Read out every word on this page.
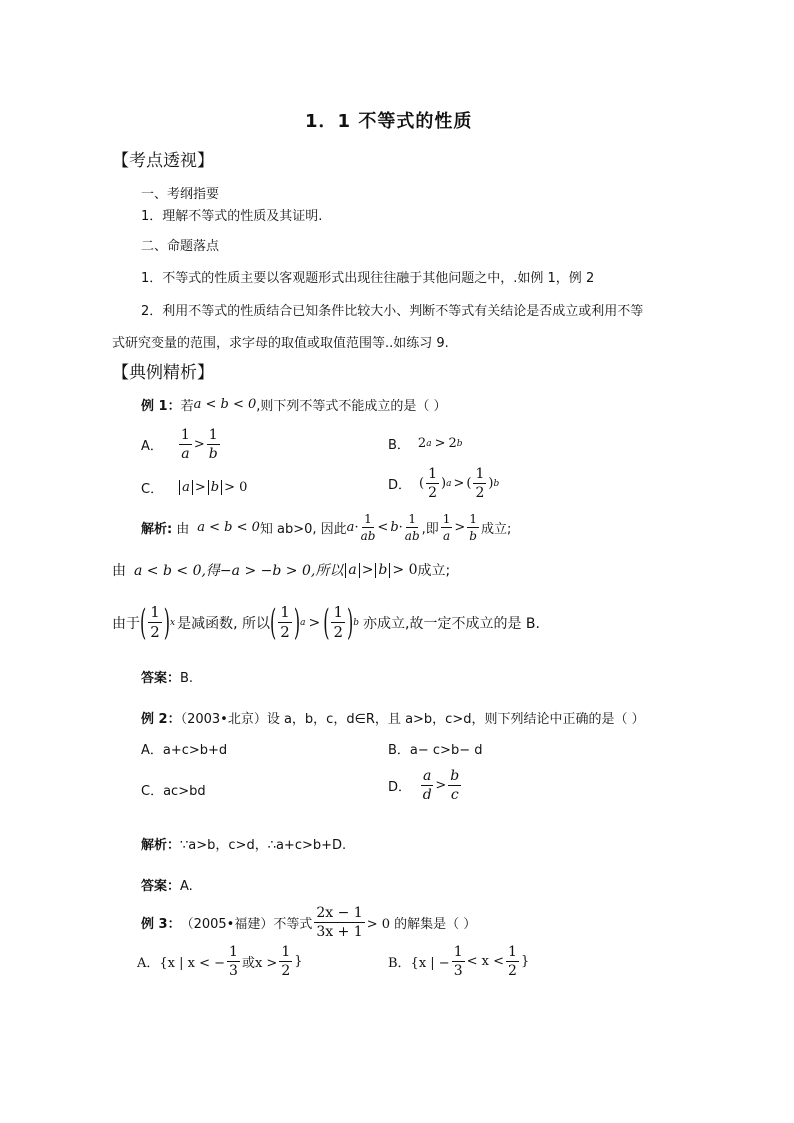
1．1 不等式的性质
【考点透视】
一、考纲指要
1．理解不等式的性质及其证明.
二、命题落点
1．不等式的性质主要以客观题形式出现往往融于其他问题之中，.如例 1，例 2
2．利用不等式的性质结合已知条件比较大小、判断不等式有关结论是否成立或利用不等
式研究变量的范围，求字母的取值或取值范围等..如练习 9.
【典例精析】
例 1： 若 a < b < 0 ,则下列不等式不能成立的是（ ）
A． $\frac{1}{a} > \frac{1}{b}$	B． 2 a > 2 b
C． a > b > 0	D． ( $\frac{1}{2}$ ) a > ( $\frac{1}{2}$ ) b
解析: 由 a < b < 0 知 ab>0, 因此 $a \cdot \frac{1}{ab} < b \cdot \frac{1}{ab}$ ,即 $\frac{1}{a} > \frac{1}{b}$ 成立;
由 a < b < 0,得−a > −b > 0,所以 a > b > 0 成立;
由于 ( $\frac{1}{2}$ ) x 是减函数, 所以 ( $\frac{1}{2}$ ) a > ( $\frac{1}{2}$ ) b 亦成立,故一定不成立的是 B.
答案：B.
例 2：（2003•北京）设 a，b，c，d∈R，且 a>b，c>d，则下列结论中正确的是（ ）
A．a+c>b+d	B．a− c>b− d
C．ac>bd	D． $\frac{a}{d} > \frac{b}{c}$
解析：∵a>b，c>d，∴a+c>b+D.
答案：A.
例 3： （2005•福建）不等式 $\frac{2x - 1}{3x + 1} > 0$ 的解集是（ ）
A．{x | x < − $\frac{1}{3}$ 或$x > \frac{1}{2}$ }	B．{x | − $\frac{1}{3} < x < \frac{1}{2}$ }
